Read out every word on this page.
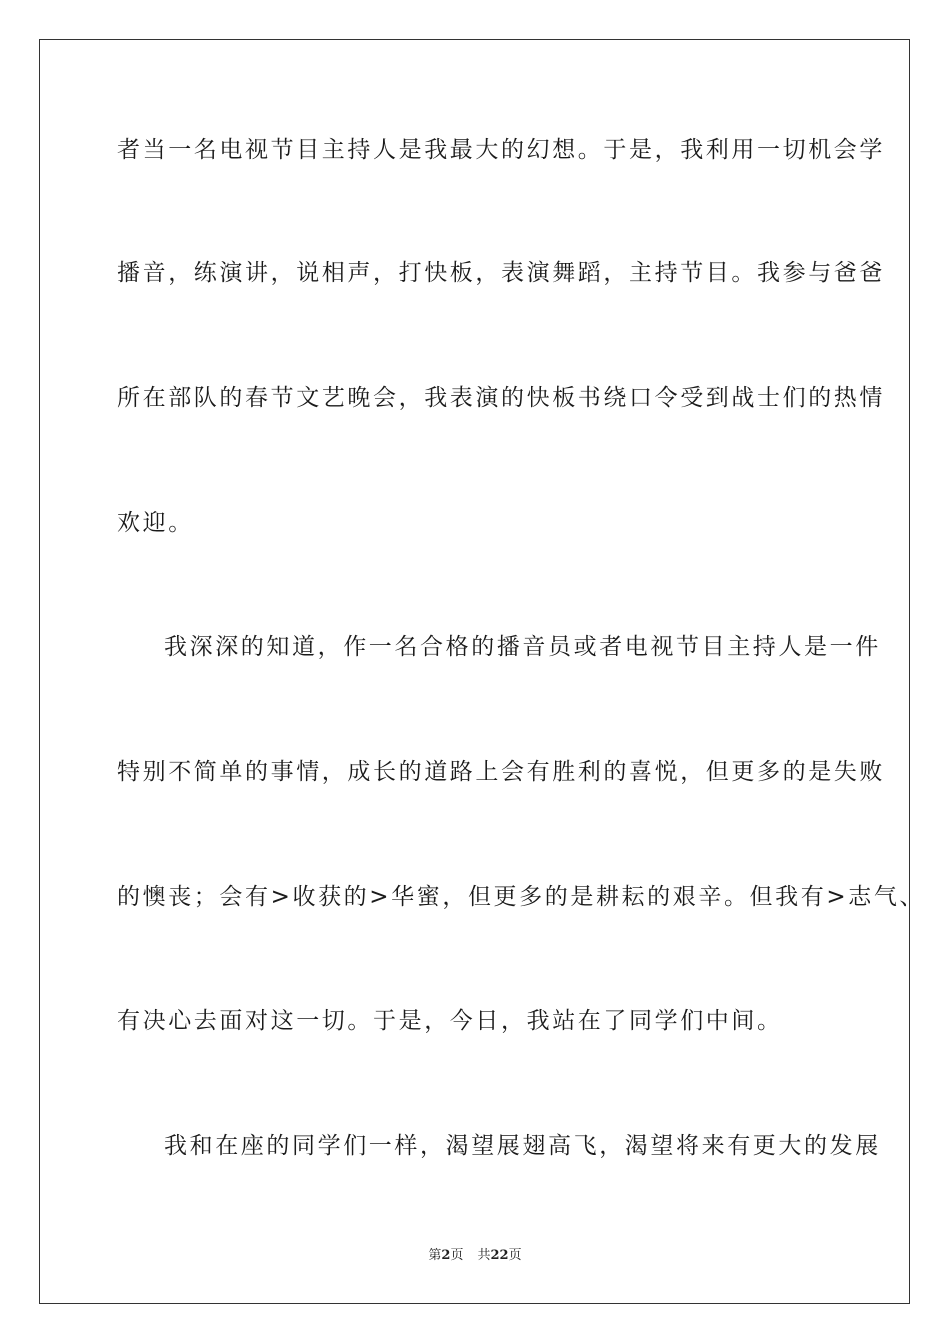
者当一名电视节目主持人是我最大的幻想。于是，我利用一切机会学
播音，练演讲，说相声，打快板，表演舞蹈，主持节目。我参与爸爸
所在部队的春节文艺晚会，我表演的快板书绕口令受到战士们的热情
欢迎。
我深深的知道，作一名合格的播音员或者电视节目主持人是一件
特别不简单的事情，成长的道路上会有胜利的喜悦，但更多的是失败
的懊丧；会有>收获的>华蜜，但更多的是耕耘的艰辛。但我有>志气、
有决心去面对这一切。于是，今日，我站在了同学们中间。
我和在座的同学们一样，渴望展翅高飞，渴望将来有更大的发展
第2页 共22页
